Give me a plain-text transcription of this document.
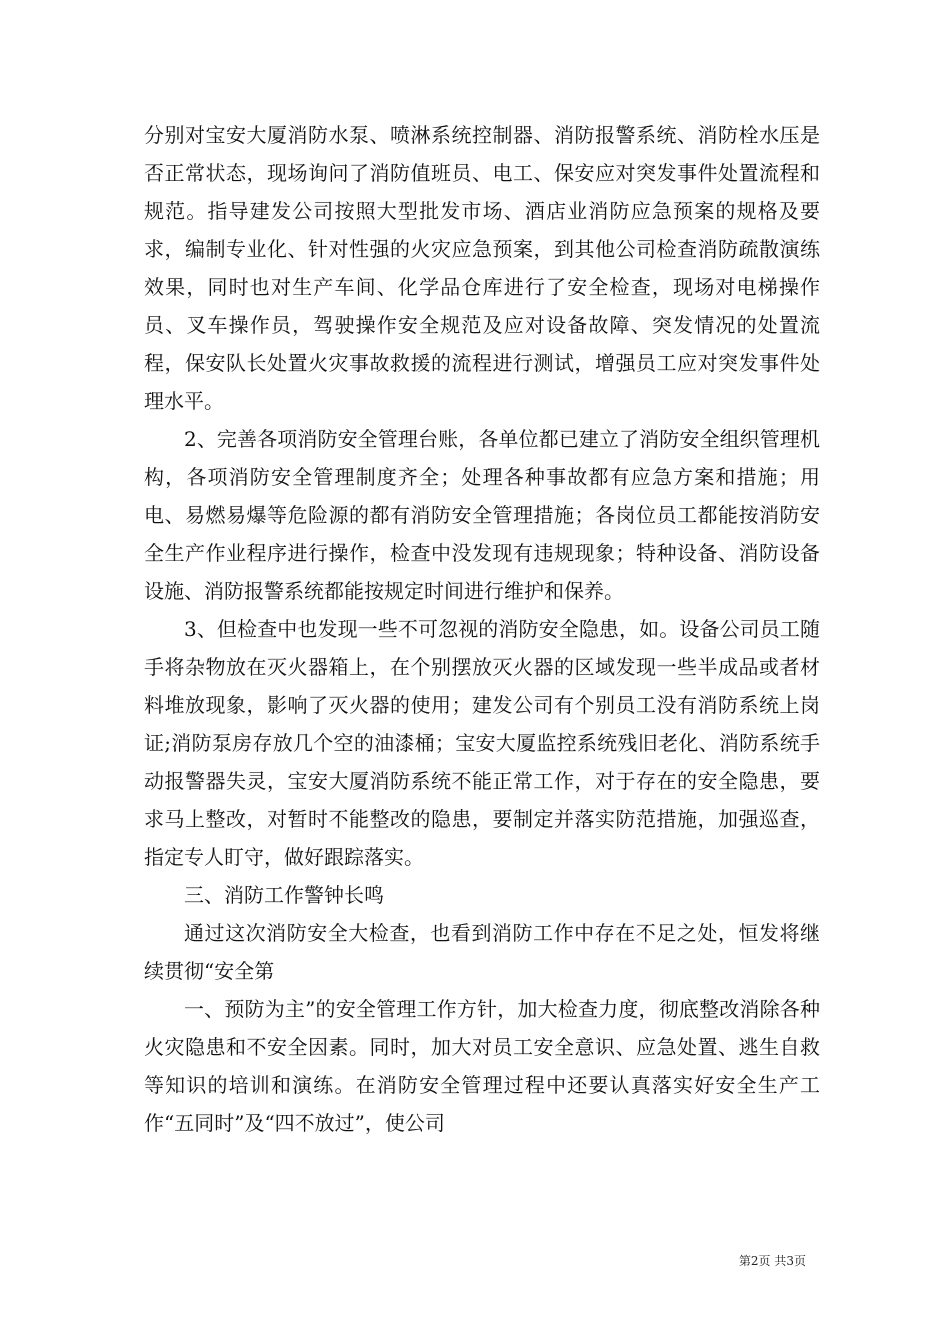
分别对宝安大厦消防水泵、喷淋系统控制器、消防报警系统、消防栓水压是否正常状态，现场询问了消防值班员、电工、保安应对突发事件处置流程和规范。指导建发公司按照大型批发市场、酒店业消防应急预案的规格及要求，编制专业化、针对性强的火灾应急预案，到其他公司检查消防疏散演练效果，同时也对生产车间、化学品仓库进行了安全检查，现场对电梯操作员、叉车操作员，驾驶操作安全规范及应对设备故障、突发情况的处置流程，保安队长处置火灾事故救援的流程进行测试，增强员工应对突发事件处理水平。

2、完善各项消防安全管理台账，各单位都已建立了消防安全组织管理机构，各项消防安全管理制度齐全；处理各种事故都有应急方案和措施；用电、易燃易爆等危险源的都有消防安全管理措施；各岗位员工都能按消防安全生产作业程序进行操作，检查中没发现有违规现象；特种设备、消防设备设施、消防报警系统都能按规定时间进行维护和保养。

3、但检查中也发现一些不可忽视的消防安全隐患，如。设备公司员工随手将杂物放在灭火器箱上，在个别摆放灭火器的区域发现一些半成品或者材料堆放现象，影响了灭火器的使用；建发公司有个别员工没有消防系统上岗证;消防泵房存放几个空的油漆桶；宝安大厦监控系统残旧老化、消防系统手动报警器失灵，宝安大厦消防系统不能正常工作，对于存在的安全隐患，要求马上整改，对暂时不能整改的隐患，要制定并落实防范措施，加强巡查，指定专人盯守，做好跟踪落实。

三、消防工作警钟长鸣

通过这次消防安全大检查，也看到消防工作中存在不足之处，恒发将继续贯彻“安全第

一、预防为主”的安全管理工作方针，加大检查力度，彻底整改消除各种火灾隐患和不安全因素。同时，加大对员工安全意识、应急处置、逃生自救等知识的培训和演练。在消防安全管理过程中还要认真落实好安全生产工作“五同时”及“四不放过”，使公司

第2页 共3页
